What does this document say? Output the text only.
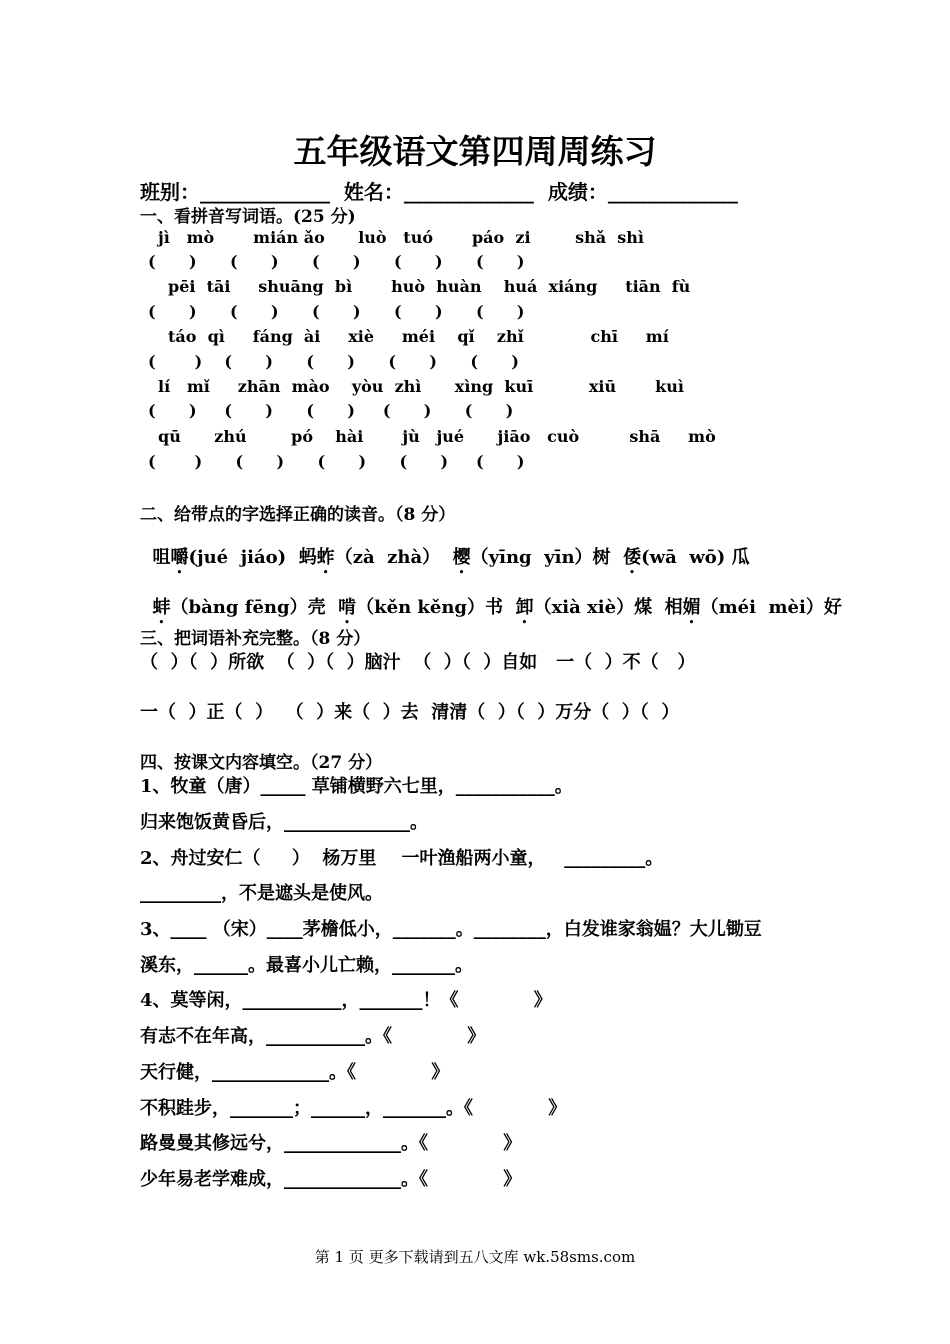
五年级语文第四周周练习
班别：_____________  姓名：_____________  成绩：_____________
一、看拼音写词语。(25 分)
jì   mò       mián ǎo      luò   tuó       páo  zi        shǎ  shì
(      )      (      )      (      )      (      )      (      )
pēi  tāi     shuāng  bì       huò  huàn    huá  xiáng     tiān  fù
(      )      (      )      (      )      (      )      (      )
táo  qì     fáng  ài     xiè     méi    qǐ    zhǐ            chī     mí
(       )    (      )      (      )      (      )      (      )
lí   mǐ     zhān  mào    yòu  zhì      xìng  kuī          xiū       kuì
(      )     (      )      (      )     (      )      (      )
qū      zhú        pó    hài       jù   jué      jiāo   cuò         shā     mò
(       )      (      )      (      )      (      )     (      )
二、给带点的字选择正确的读音。（8 分）

咀嚼(jué  jiáo)  蚂蚱（zà  zhà）  樱（yīng  yīn）树  倭(wā  wō) 瓜

蚌（bàng fēng）壳  啃（kěn kěng）书  卸（xià xiè）煤  相媚（méi  mèi）好

三、把词语补充完整。（8 分）
（  ）（  ）所欲  （  ）（  ）脑汁  （  ）（  ）自如   一（  ）不（   ）
一（  ）正（  ）  （  ）来（  ）去  清清（  ）（  ）万分（  ）（  ）
四、按课文内容填空。（27 分）
1、牧童（唐）_____ 草铺横野六七里，___________。
归来饱饭黄昏后，______________。
2、舟过安仁（     ）  杨万里    一叶渔船两小童，   _________。
_________，不是遮头是使风。
3、____ （宋）____茅檐低小，_______。________，白发谁家翁媪？大儿锄豆
溪东，______。最喜小儿亡赖，_______。
4、莫等闲，___________，_______！《            》
有志不在年高，___________。《            》
天行健，_____________。《            》
不积跬步，_______；______，_______。《            》
路曼曼其修远兮，_____________。《            》
少年易老学难成，_____________。《            》
第 1 页 更多下载请到五八文库 wk.58sms.com
